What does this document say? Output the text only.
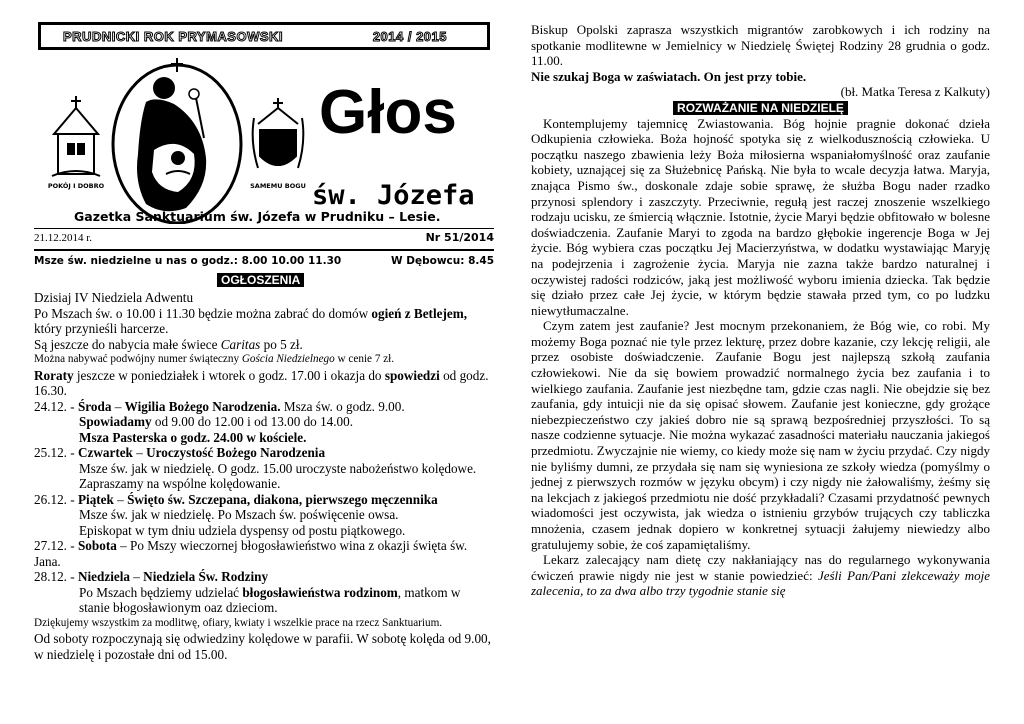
PRUDNICKI ROK PRYMASOWSKI	2014 / 2015
POKÓJ I DOBRO	SAMEMU BOGU
Głos
św. Józefa
Gazetka Sanktuarium św. Józefa w Prudniku – Lesie.
21.12.2014 r.	Nr 51/2014
Msze św. niedzielne u nas o godz.: 8.00 10.00 11.30	W Dębowcu: 8.45
OGŁOSZENIA

Dzisiaj IV Niedziela Adwentu

Po Mszach św. o 10.00 i 11.30 będzie można zabrać do domów ogień z Betlejem, który przynieśli harcerze.

Są jeszcze do nabycia małe świece Caritas po 5 zł.

Można nabywać podwójny numer świąteczny Gościa Niedzielnego w cenie 7 zł.

Roraty jeszcze w poniedziałek i wtorek o godz. 17.00 i okazja do spowiedzi od godz. 16.30.

24.12. - Środa – Wigilia Bożego Narodzenia. Msza św. o godz. 9.00.

Spowiadamy od 9.00 do 12.00 i od 13.00 do 14.00.

Msza Pasterska o godz. 24.00 w kościele.

25.12. - Czwartek – Uroczystość Bożego Narodzenia

Msze św. jak w niedzielę. O godz. 15.00 uroczyste nabożeństwo kolędowe. Zapraszamy na wspólne kolędowanie.

26.12. - Piątek – Święto św. Szczepana, diakona, pierwszego męczennika

Msze św. jak w niedzielę. Po Mszach św. poświęcenie owsa.

Episkopat w tym dniu udziela dyspensy od postu piątkowego.

27.12. - Sobota – Po Mszy wieczornej błogosławieństwo wina z okazji święta św. Jana.

28.12. - Niedziela – Niedziela Św. Rodziny

Po Mszach będziemy udzielać błogosławieństwa rodzinom, matkom w stanie błogosławionym oaz dzieciom.

Dziękujemy wszystkim za modlitwę, ofiary, kwiaty i wszelkie prace na rzecz Sanktuarium.

Od soboty rozpoczynają się odwiedziny kolędowe w parafii. W sobotę kolęda od 9.00, w niedzielę i pozostałe dni od 15.00.

Biskup Opolski zaprasza wszystkich migrantów zarobkowych i ich rodziny na spotkanie modlitewne w Jemielnicy w Niedzielę Świętej Rodziny 28 grudnia o godz. 11.00.

Nie szukaj Boga w zaświatach. On jest przy tobie.

(bł. Matka Teresa z Kalkuty)

ROZWAŻANIE NA NIEDZIELĘ

Kontemplujemy tajemnicę Zwiastowania. Bóg hojnie pragnie dokonać dzieła Odkupienia człowieka. Boża hojność spotyka się z wielkodusznością człowieka. U początku naszego zbawienia leży Boża miłosierna wspaniałomyślność oraz zaufanie kobiety, uznającej się za Służebnicę Pańską. Nie była to wcale decyzja łatwa. Maryja, znająca Pismo św., doskonale zdaje sobie sprawę, że służba Bogu nader rzadko przynosi splendory i zaszczyty. Przeciwnie, regułą jest raczej znoszenie wszelkiego rodzaju ucisku, ze śmiercią włącznie. Istotnie, życie Maryi będzie obfitowało w bolesne doświadczenia. Zaufanie Maryi to zgoda na bardzo głębokie ingerencje Boga w Jej życie. Bóg wybiera czas początku Jej Macierzyństwa, w dodatku wystawiając Maryję na podejrzenia i zagrożenie życia. Maryja nie zazna także bardzo naturalnej i oczywistej radości rodziców, jaką jest możliwość wyboru imienia dziecka. Tak będzie się działo przez całe Jej życie, w którym będzie stawała przed tym, co po ludzku niewytłumaczalne.

Czym zatem jest zaufanie? Jest mocnym przekonaniem, że Bóg wie, co robi. My możemy Boga poznać nie tyle przez lekturę, przez dobre kazanie, czy lekcję religii, ale przez osobiste doświadczenie. Zaufanie Bogu jest najlepszą szkołą zaufania człowiekowi. Nie da się bowiem prowadzić normalnego życia bez zaufania i to wielkiego zaufania. Zaufanie jest niezbędne tam, gdzie czas nagli. Nie obejdzie się bez zaufania, gdy intuicji nie da się opisać słowem. Zaufanie jest konieczne, gdy grożące niebezpieczeństwo czy jakieś dobro nie są sprawą bezpośredniej przyszłości. To są nasze codzienne sytuacje. Nie można wykazać zasadności materiału nauczania jakiegoś przedmiotu. Zwyczajnie nie wiemy, co kiedy może się nam w życiu przydać. Czy nigdy nie byliśmy dumni, ze przydała się nam się wyniesiona ze szkoły wiedza (pomyślmy o jednej z pierwszych rozmów w języku obcym) i czy nigdy nie żałowaliśmy, żeśmy się na lekcjach z jakiegoś przedmiotu nie dość przykładali? Czasami przydatność pewnych wiadomości jest oczywista, jak wiedza o istnieniu grzybów trujących czy tabliczka mnożenia, czasem jednak dopiero w konkretnej sytuacji żałujemy niewiedzy albo gratulujemy sobie, że coś zapamiętaliśmy.

Lekarz zalecający nam dietę czy nakłaniający nas do regularnego wykonywania ćwiczeń prawie nigdy nie jest w stanie powiedzieć: Jeśli Pan/Pani zlekceważy moje zalecenia, to za dwa albo trzy tygodnie stanie się
